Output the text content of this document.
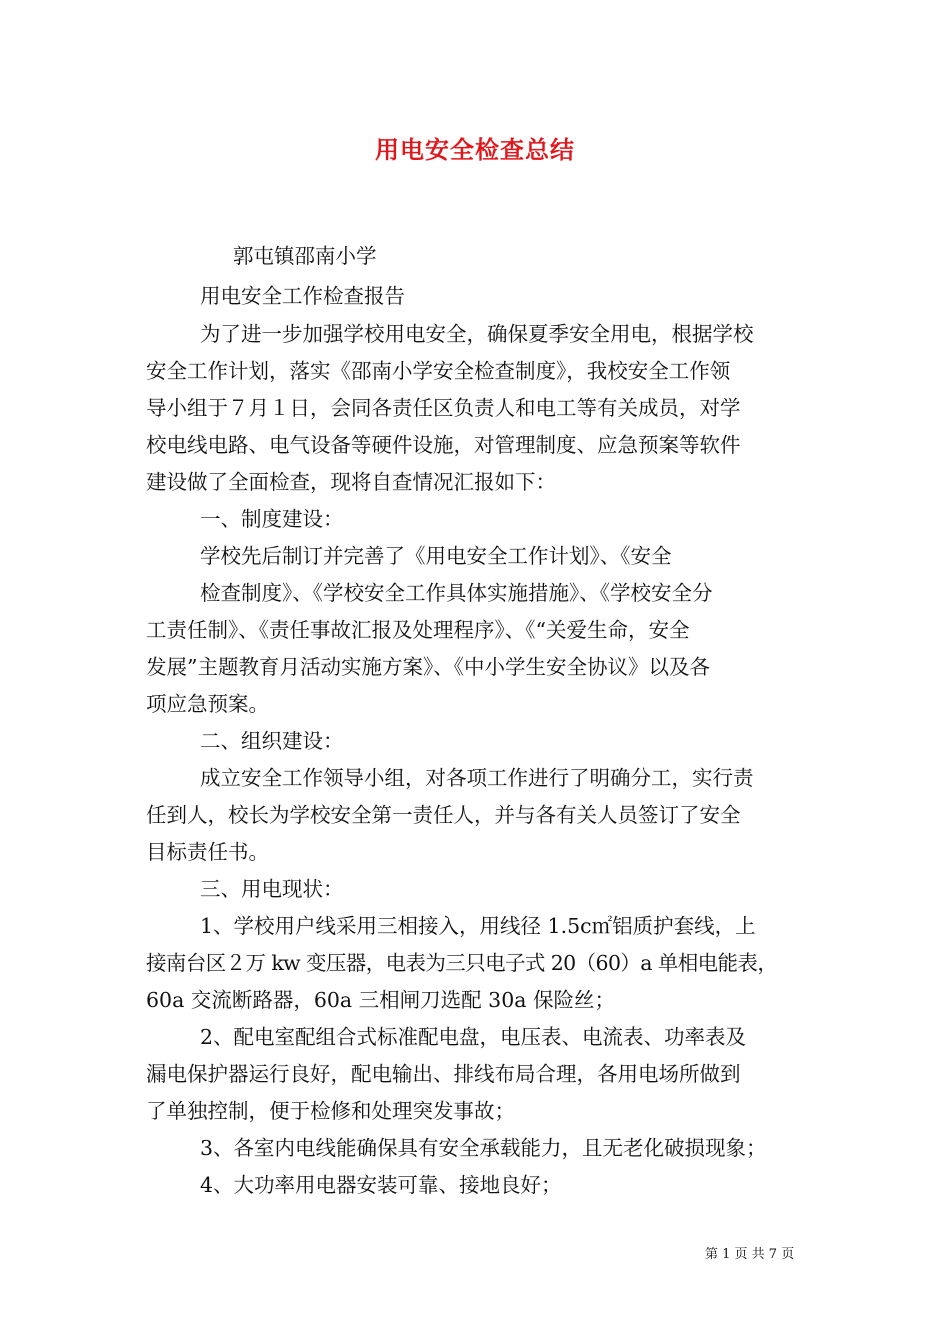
用电安全检查总结
郭屯镇邵南小学
用电安全工作检查报告
为了进一步加强学校用电安全，确保夏季安全用电，根据学校
安全工作计划，落实《邵南小学安全检查制度》，我校安全工作领
导小组于７月１日，会同各责任区负责人和电工等有关成员，对学
校电线电路、电气设备等硬件设施，对管理制度、应急预案等软件
建设做了全面检查，现将自查情况汇报如下：
一、制度建设：
学校先后制订并完善了《用电安全工作计划》、《安全
检查制度》、《学校安全工作具体实施措施》、《学校安全分
工责任制》、《责任事故汇报及处理程序》、《“关爱生命，安全
发展”主题教育月活动实施方案》、《中小学生安全协议》以及各
项应急预案。
二、组织建设：
成立安全工作领导小组，对各项工作进行了明确分工，实行责
任到人，校长为学校安全第一责任人，并与各有关人员签订了安全
目标责任书。
三、用电现状：
1、学校用户线采用三相接入，用线径 1.5c㎡铝质护套线，上
接南台区２万 kw 变压器，电表为三只电子式 20（60）a 单相电能表，
60a 交流断路器，60a 三相闸刀选配 30a 保险丝；
2、配电室配组合式标准配电盘，电压表、电流表、功率表及
漏电保护器运行良好，配电输出、排线布局合理，各用电场所做到
了单独控制，便于检修和处理突发事故；
3、各室内电线能确保具有安全承载能力，且无老化破损现象；
4、大功率用电器安装可靠、接地良好；
第 1 页 共 7 页
